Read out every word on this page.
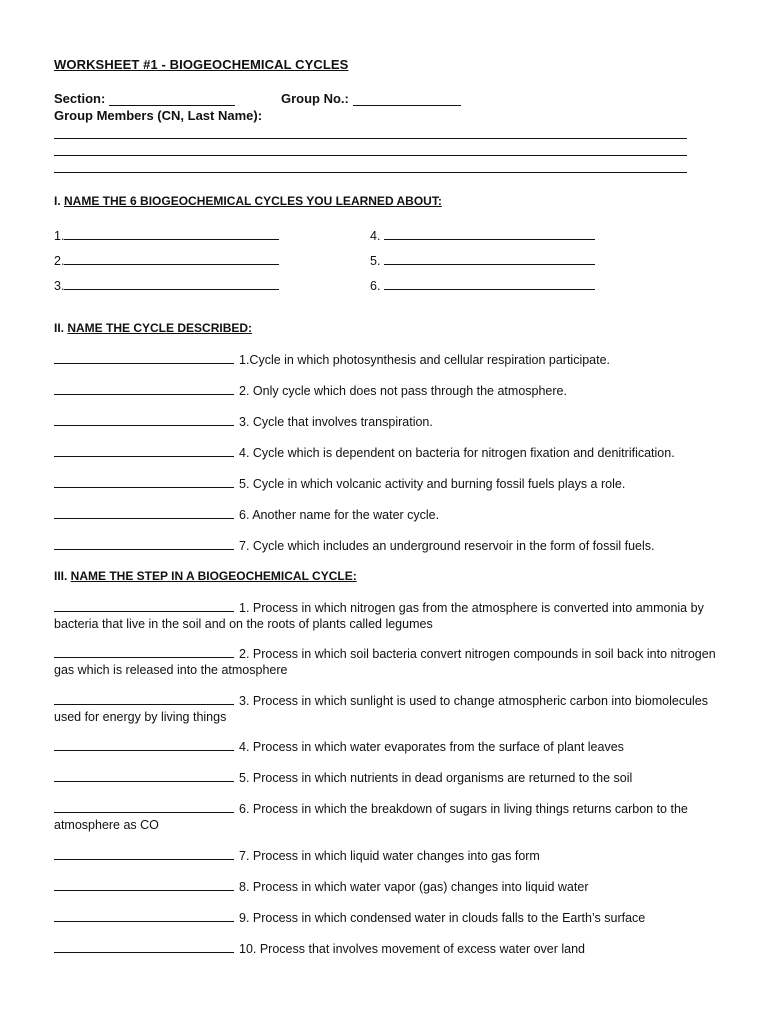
WORKSHEET #1 - BIOGEOCHEMICAL CYCLES
Section:	Group No.:
Group Members (CN, Last Name):
I. NAME THE 6 BIOGEOCHEMICAL CYCLES YOU LEARNED ABOUT:
1.
2.
3.
4.
5.
6.
II. NAME THE CYCLE DESCRIBED:
1.Cycle in which photosynthesis and cellular respiration participate.
2. Only cycle which does not pass through the atmosphere.
3. Cycle that involves transpiration.
4. Cycle which is dependent on bacteria for nitrogen fixation and denitrification.
5. Cycle in which volcanic activity and burning fossil fuels plays a role.
6. Another name for the water cycle.
7. Cycle which includes an underground reservoir in the form of fossil fuels.
III. NAME THE STEP IN A BIOGEOCHEMICAL CYCLE:
1. Process in which nitrogen gas from the atmosphere is converted into ammonia by bacteria that live in the soil and on the roots of plants called legumes
2. Process in which soil bacteria convert nitrogen compounds in soil back into nitrogen gas which is released into the atmosphere
3. Process in which sunlight is used to change atmospheric carbon into biomolecules used for energy by living things
4. Process in which water evaporates from the surface of plant leaves
5. Process in which nutrients in dead organisms are returned to the soil
6. Process in which the breakdown of sugars in living things returns carbon to the atmosphere as CO
7. Process in which liquid water changes into gas form
8. Process in which water vapor (gas) changes into liquid water
9. Process in which condensed water in clouds falls to the Earth’s surface
10. Process that involves movement of excess water over land
